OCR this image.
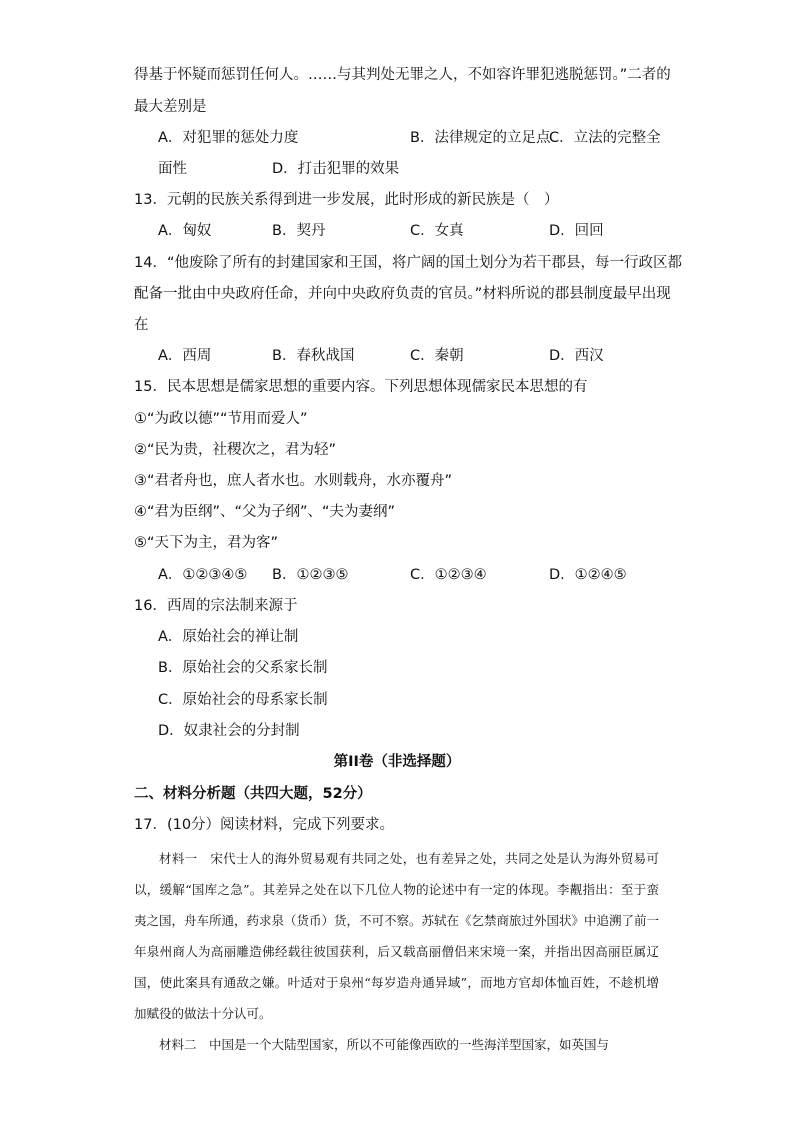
得基于怀疑而惩罚任何人。……与其判处无罪之人，不如容许罪犯逃脱惩罚。”二者的
最大差别是
A．对犯罪的惩处力度	B．法律规定的立足点
C．立法的完整全
面性	D．打击犯罪的效果
13．元朝的民族关系得到进一步发展，此时形成的新民族是（　）
A．匈奴	B．契丹	C．女真	D．回回
14．“他废除了所有的封建国家和王国，将广阔的国土划分为若干郡县，每一行政区都
配备一批由中央政府任命，并向中央政府负责的官员。”材料所说的郡县制度最早出现
在
A．西周	B．春秋战国	C．秦朝	D．西汉
15．民本思想是儒家思想的重要内容。下列思想体现儒家民本思想的有
①“为政以德”“节用而爱人”
②“民为贵，社稷次之，君为轻”
③“君者舟也，庶人者水也。水则载舟，水亦覆舟”
④“君为臣纲”、“父为子纲”、“夫为妻纲”
⑤“天下为主，君为客”
A．①②③④⑤ B．①②③⑤	C．①②③④	D．①②④⑤
16．西周的宗法制来源于
A．原始社会的禅让制
B．原始社会的父系家长制
C．原始社会的母系家长制
D．奴隶社会的分封制
第II卷（非选择题）
二、材料分析题（共四大题，52分）
17．(10分）阅读材料，完成下列要求。

材料一　宋代士人的海外贸易观有共同之处，也有差异之处，共同之处是认为海外贸易可以，缓解“国库之急”。其差异之处在以下几位人物的论述中有一定的体现。李觏指出：至于蛮夷之国，舟车所通，药求泉（货币）货，不可不察。苏轼在《乞禁商旅过外国状》中追溯了前一年泉州商人为高丽雕造佛经载往彼国获利，后又载高丽僧侣来宋境一案，并指出因高丽臣属辽国，使此案具有通敌之嫌。叶适对于泉州“每岁造舟通异域”，而地方官却体恤百姓，不趁机增加赋役的做法十分认可。

材料二　中国是一个大陆型国家，所以不可能像西欧的一些海洋型国家，如英国与
